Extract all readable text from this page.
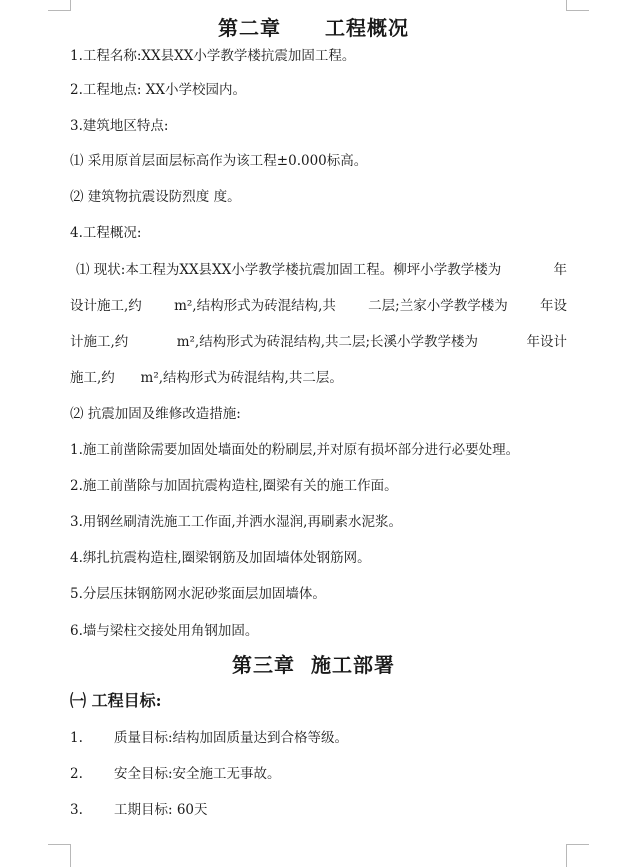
第二章 工程概况
1.工程名称:XX县XX小学教学楼抗震加固工程。
2.工程地点: XX小学校园内。
3.建筑地区特点:
⑴ 采用原首层面层标高作为该工程±0.000标高。
⑵ 建筑物抗震设防烈度 度。
4.工程概况:
⑴ 现状:本工程为XX县XX小学教学楼抗震加固工程。柳坪小学教学楼为	年
设计施工,约 m²,结构形式为砖混结构,共 二层;兰家小学教学楼为 年设
计施工,约	m²,结构形式为砖混结构,共二层;长溪小学教学楼为	年设计
施工,约      m²,结构形式为砖混结构,共二层。
⑵ 抗震加固及维修改造措施:
1.施工前凿除需要加固处墙面处的粉刷层,并对原有损坏部分进行必要处理。
2.施工前凿除与加固抗震构造柱,圈梁有关的施工作面。
3.用钢丝刷清洗施工工作面,并洒水湿润,再刷素水泥浆。
4.绑扎抗震构造柱,圈梁钢筋及加固墙体处钢筋网。
5.分层压抹钢筋网水泥砂浆面层加固墙体。
6.墙与梁柱交接处用角钢加固。
第三章  施工部署
㈠ 工程目标:
1. 质量目标:结构加固质量达到合格等级。
2. 安全目标:安全施工无事故。
3. 工期目标: 60天
